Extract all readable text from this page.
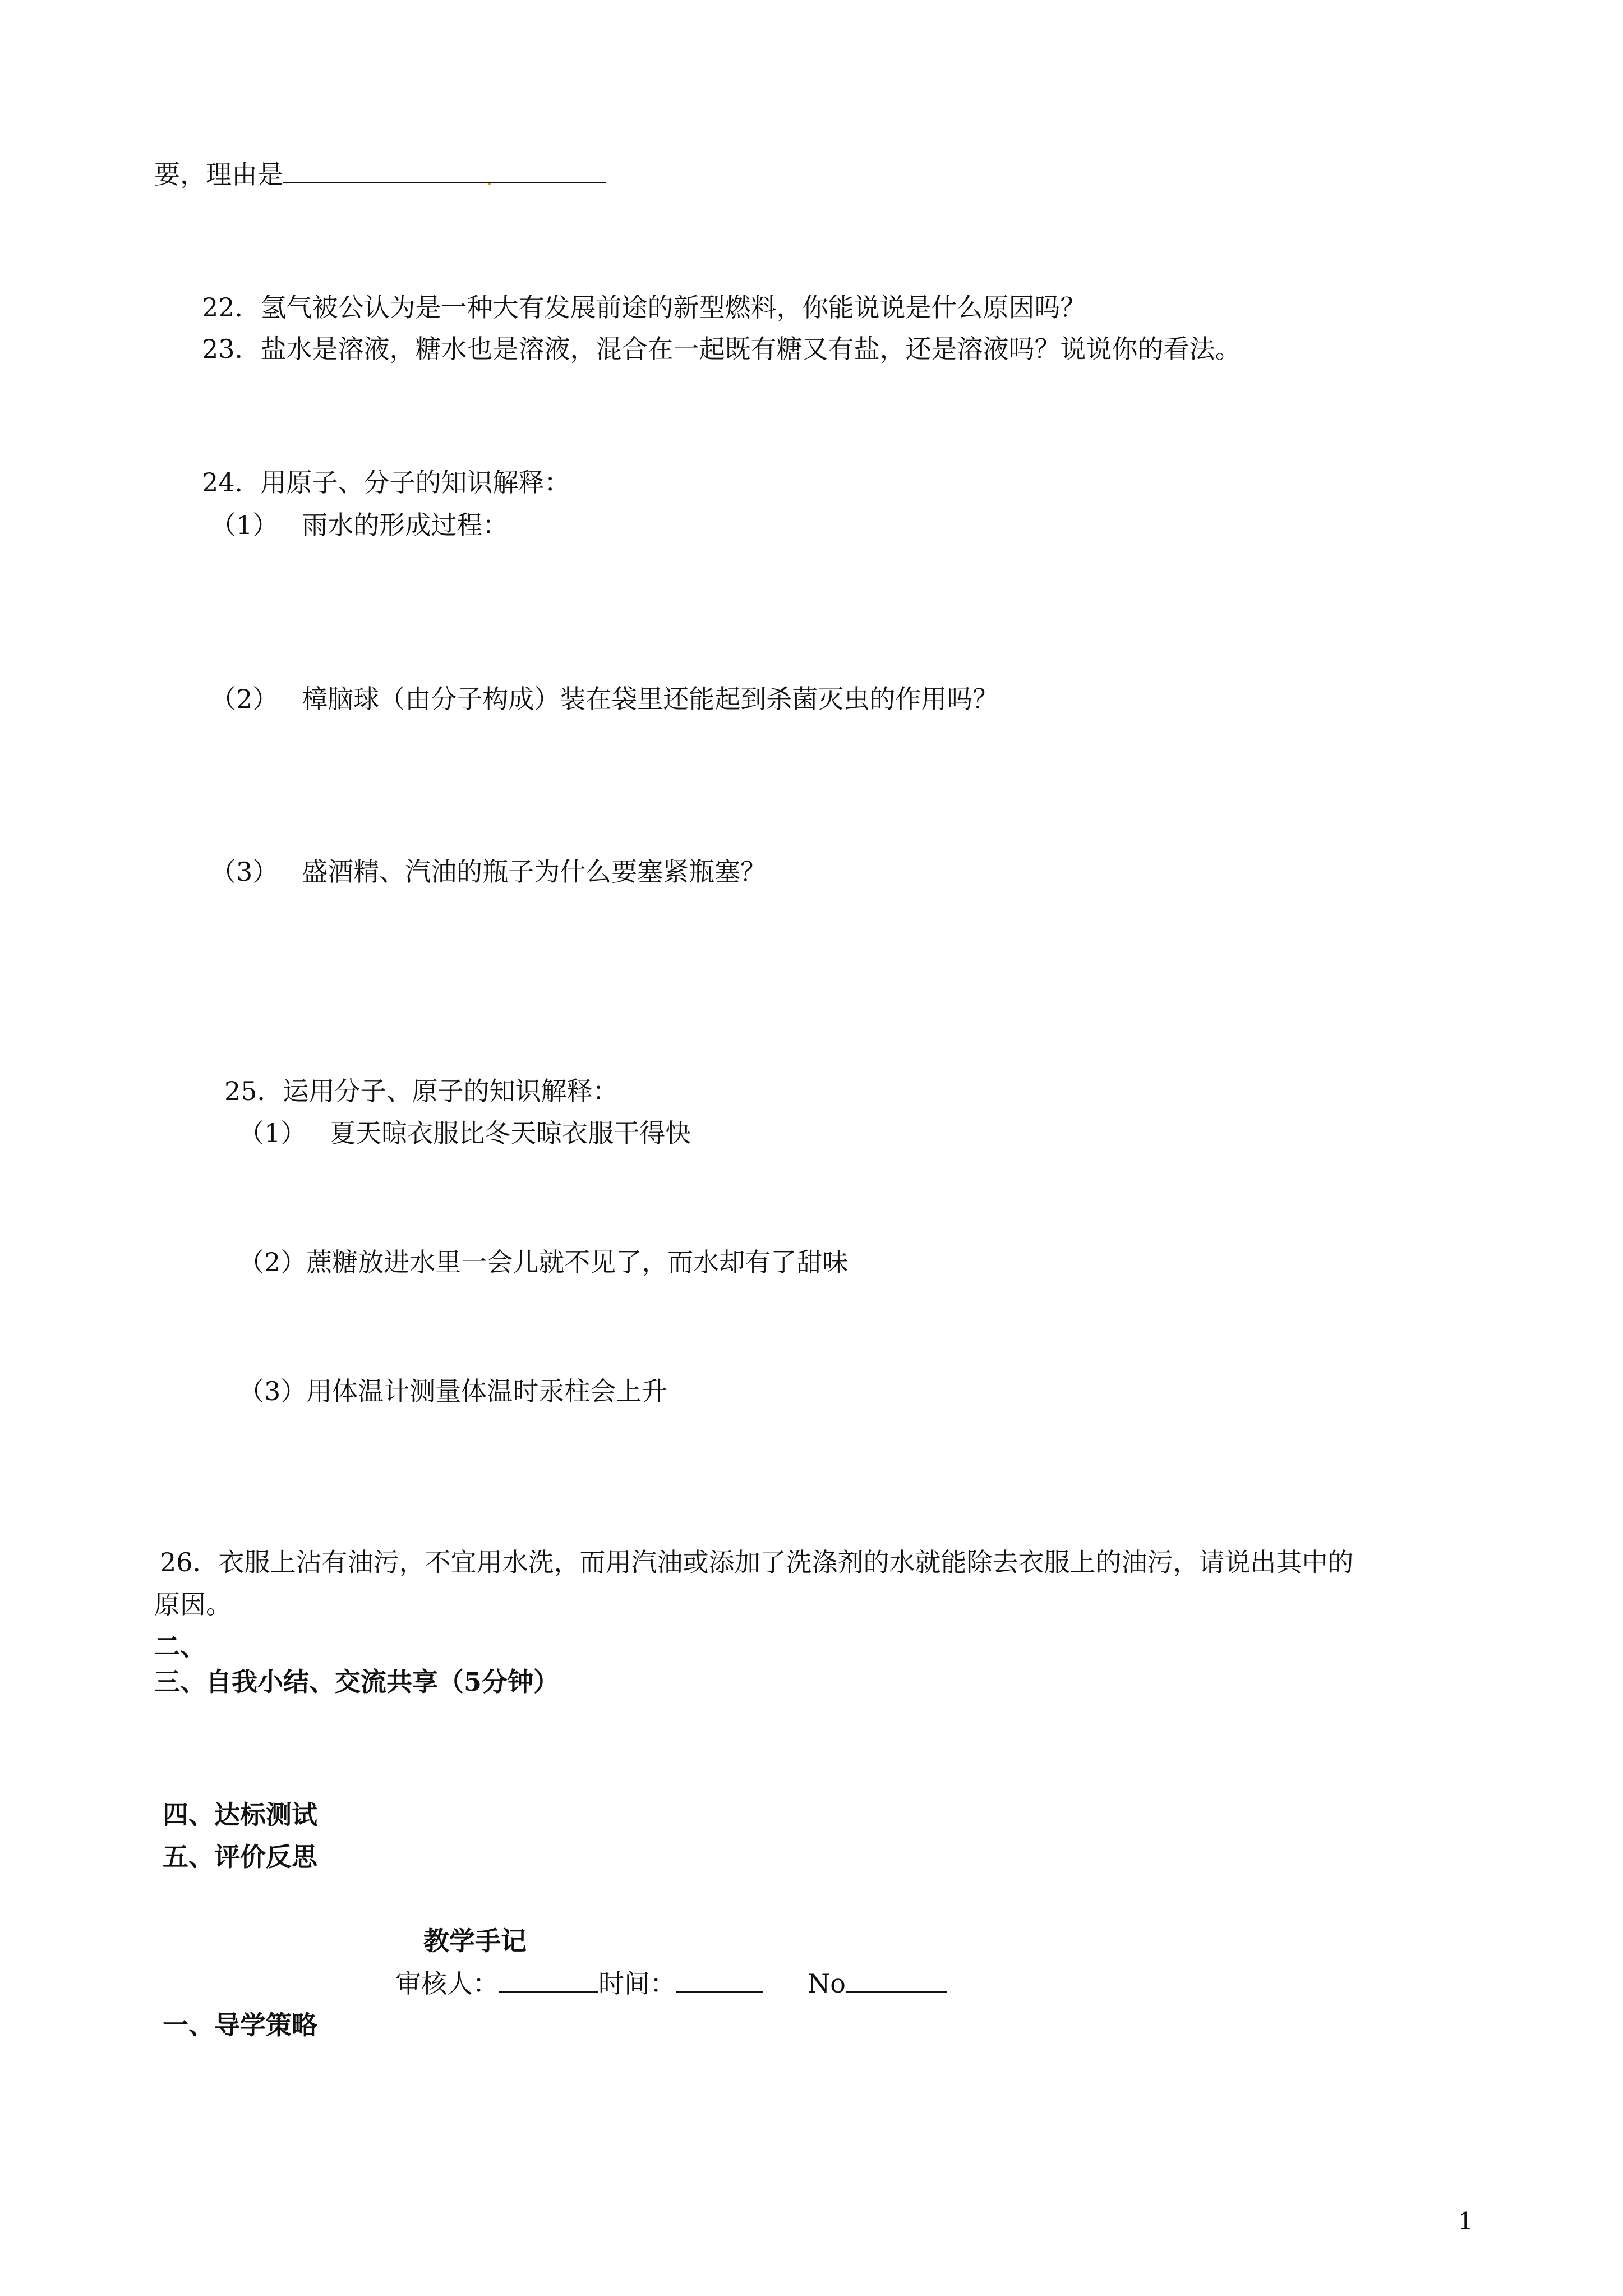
要，理由是

22．氢气被公认为是一种大有发展前途的新型燃料，你能说说是什么原因吗？

23．盐水是溶液，糖水也是溶液，混合在一起既有糖又有盐，还是溶液吗？说说你的看法。

24．用原子、分子的知识解释：

（1） 雨水的形成过程：

（2） 樟脑球（由分子构成）装在袋里还能起到杀菌灭虫的作用吗？

（3） 盛酒精、汽油的瓶子为什么要塞紧瓶塞？

25．运用分子、原子的知识解释：

（1） 夏天晾衣服比冬天晾衣服干得快

（2）蔗糖放进水里一会儿就不见了，而水却有了甜味

（3）用体温计测量体温时汞柱会上升

26．衣服上沾有油污，不宜用水洗，而用汽油或添加了洗涤剂的水就能除去衣服上的油污，请说出其中的

原因。

二、

三、自我小结、交流共享（5分钟）

四、达标测试

五、评价反思

教学手记

审核人：	时间：	No

一、导学策略

1
